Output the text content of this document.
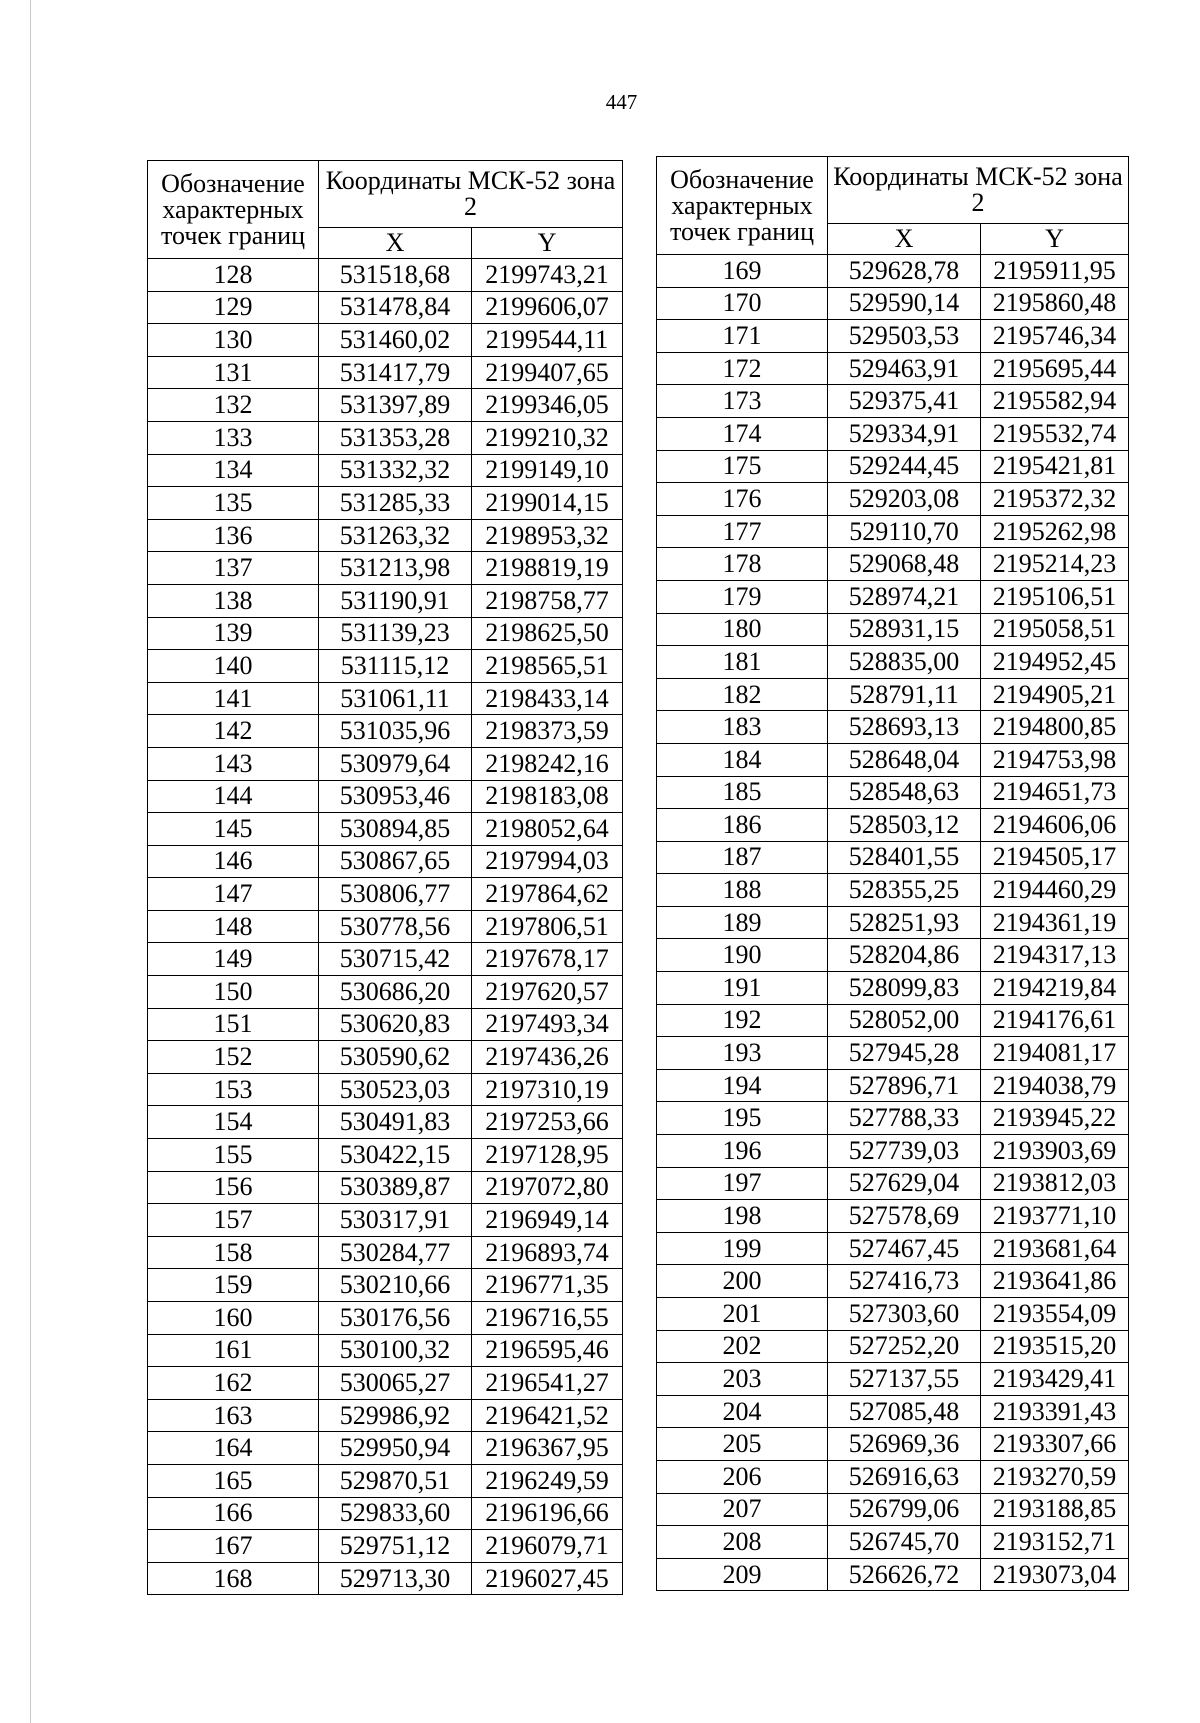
447
Обозначение характерных точек границ	Координаты МСК-52 зона 2	
	X	Y
128	531518,68	2199743,21
129	531478,84	2199606,07
130	531460,02	2199544,11
131	531417,79	2199407,65
132	531397,89	2199346,05
133	531353,28	2199210,32
134	531332,32	2199149,10
135	531285,33	2199014,15
136	531263,32	2198953,32
137	531213,98	2198819,19
138	531190,91	2198758,77
139	531139,23	2198625,50
140	531115,12	2198565,51
141	531061,11	2198433,14
142	531035,96	2198373,59
143	530979,64	2198242,16
144	530953,46	2198183,08
145	530894,85	2198052,64
146	530867,65	2197994,03
147	530806,77	2197864,62
148	530778,56	2197806,51
149	530715,42	2197678,17
150	530686,20	2197620,57
151	530620,83	2197493,34
152	530590,62	2197436,26
153	530523,03	2197310,19
154	530491,83	2197253,66
155	530422,15	2197128,95
156	530389,87	2197072,80
157	530317,91	2196949,14
158	530284,77	2196893,74
159	530210,66	2196771,35
160	530176,56	2196716,55
161	530100,32	2196595,46
162	530065,27	2196541,27
163	529986,92	2196421,52
164	529950,94	2196367,95
165	529870,51	2196249,59
166	529833,60	2196196,66
167	529751,12	2196079,71
168	529713,30	2196027,45
Обозначение характерных точек границ	Координаты МСК-52 зона 2	
	X	Y
169	529628,78	2195911,95
170	529590,14	2195860,48
171	529503,53	2195746,34
172	529463,91	2195695,44
173	529375,41	2195582,94
174	529334,91	2195532,74
175	529244,45	2195421,81
176	529203,08	2195372,32
177	529110,70	2195262,98
178	529068,48	2195214,23
179	528974,21	2195106,51
180	528931,15	2195058,51
181	528835,00	2194952,45
182	528791,11	2194905,21
183	528693,13	2194800,85
184	528648,04	2194753,98
185	528548,63	2194651,73
186	528503,12	2194606,06
187	528401,55	2194505,17
188	528355,25	2194460,29
189	528251,93	2194361,19
190	528204,86	2194317,13
191	528099,83	2194219,84
192	528052,00	2194176,61
193	527945,28	2194081,17
194	527896,71	2194038,79
195	527788,33	2193945,22
196	527739,03	2193903,69
197	527629,04	2193812,03
198	527578,69	2193771,10
199	527467,45	2193681,64
200	527416,73	2193641,86
201	527303,60	2193554,09
202	527252,20	2193515,20
203	527137,55	2193429,41
204	527085,48	2193391,43
205	526969,36	2193307,66
206	526916,63	2193270,59
207	526799,06	2193188,85
208	526745,70	2193152,71
209	526626,72	2193073,04
